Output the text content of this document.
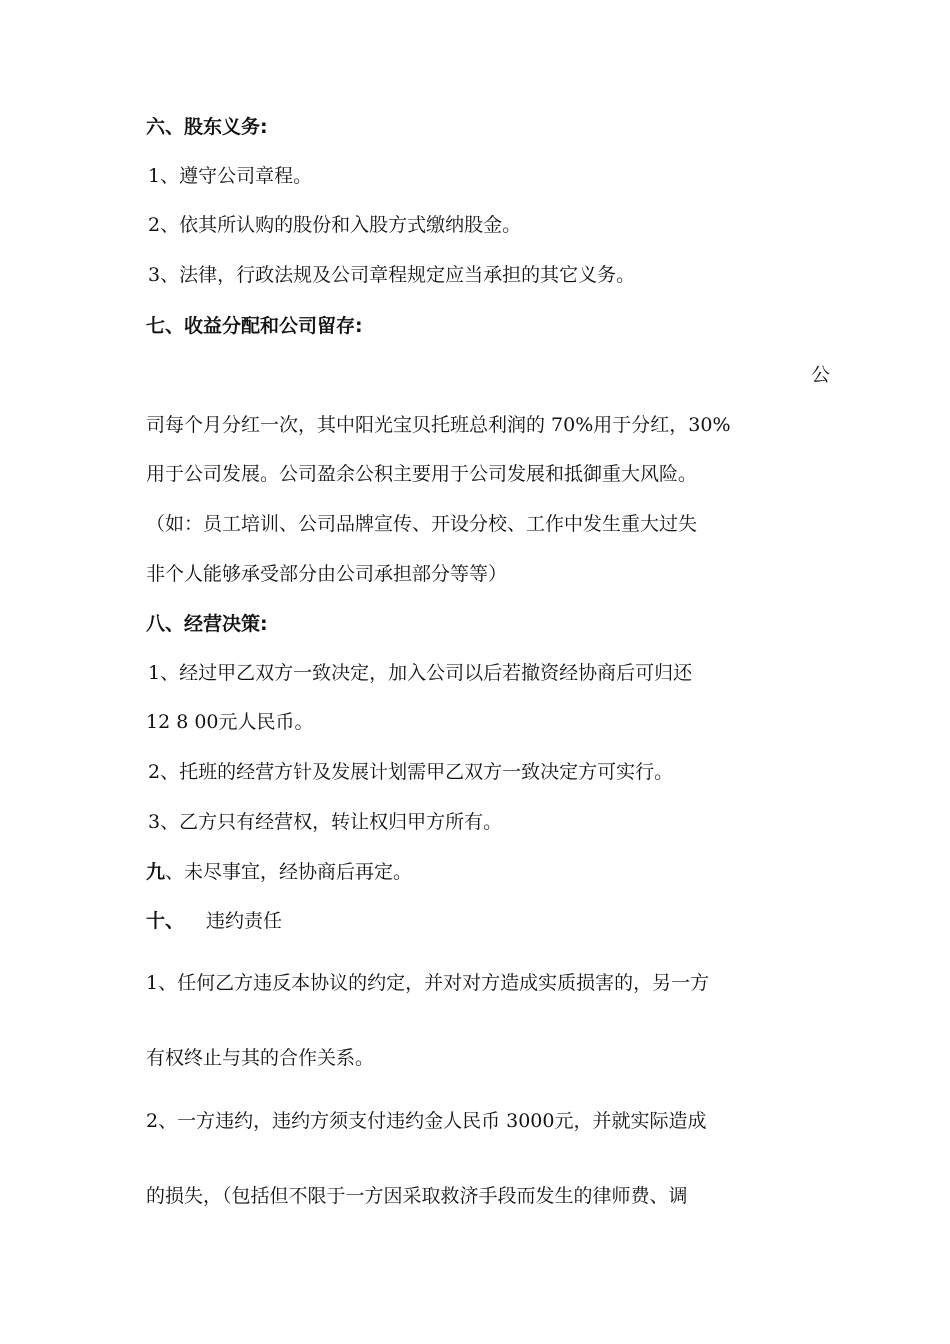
六、股东义务:
1、遵守公司章程。
2、依其所认购的股份和入股方式缴纳股金。
3、法律，行政法规及公司章程规定应当承担的其它义务。
七、收益分配和公司留存:
公
司每个月分红一次，其中阳光宝贝托班总利润的 70%用于分红，30%
用于公司发展。公司盈余公积主要用于公司发展和抵御重大风险。
（如：员工培训、公司品牌宣传、开设分校、工作中发生重大过失
非个人能够承受部分由公司承担部分等等）
八、经营决策:
1、经过甲乙双方一致决定，加入公司以后若撤资经协商后可归还
12 8 00元人民币。
2、托班的经营方针及发展计划需甲乙双方一致决定方可实行。
3、乙方只有经营权，转让权归甲方所有。
九、未尽事宜，经协商后再定。
十、 违约责任
1、任何乙方违反本协议的约定，并对对方造成实质损害的，另一方
有权终止与其的合作关系。
2、一方违约，违约方须支付违约金人民币 3000元，并就实际造成
的损失，（包括但不限于一方因采取救济手段而发生的律师费、调
